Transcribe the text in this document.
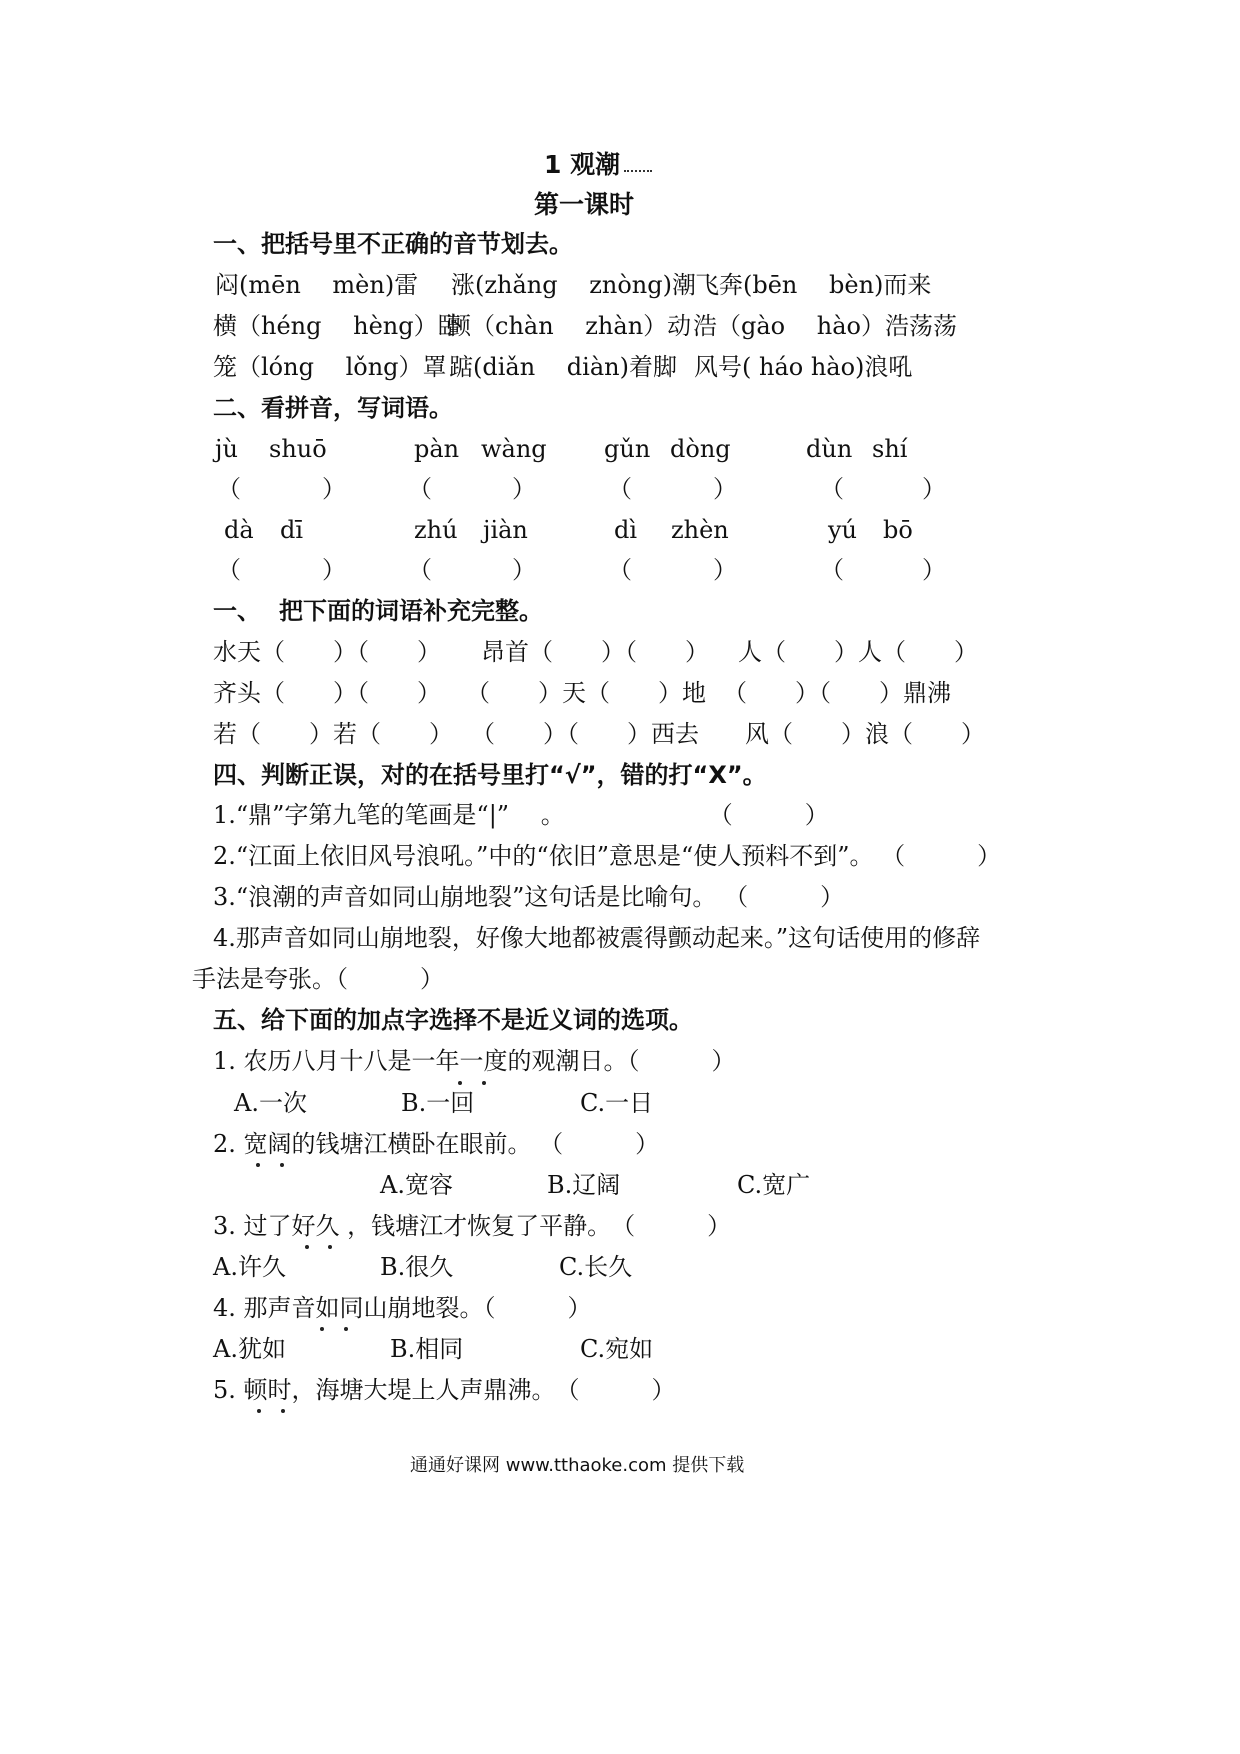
1 观潮
第一课时
一、把括号里不正确的音节划去。
闷(mēn　 mèn)雷 涨(zhǎng　 znòng)潮 飞奔(bēn　 bèn)而来
横（héng　 hèng）卧
颤（chàn　 zhàn）动 浩（gào　 hào）浩荡荡
笼（lóng　 lǒng）罩 踮(diǎn　 diàn)着脚 风号( háo hào)浪吼
二、看拼音，写词语。
jù shuō	pàn wàng gǔn dòng	dùn shí
（	）	（	）	（	）	（	）
dà dī	zhú jiàn	dì zhèn	yú bō
（	）	（	）	（	）	（	）
一、 把下面的词语补充完整。
水天（　　）（　　） 昂首（　　）（　　） 人（　　）人（　　）
齐头（　　）（　　） （　　）天（　　）地 （　　）（　　）鼎沸
若（　　）若（　　） （　　）（　　）西去 风（　　）浪（　　）
四、判断正误，对的在括号里打“√”，错的打“X”。
1.“鼎”字第九笔的笔画是“|”　 。　　　　　　　（　　　）
2.“江面上依旧风号浪吼。”中的“依旧”意思是“使人预料不到”。 （　　　）
3.“浪潮的声音如同山崩地裂”这句话是比喻句。 （　　　）
4.那声音如同山崩地裂，好像大地都被震得颤动起来。”这句话使用的修辞
手法是夸张。（　　　）
五、给下面的加点字选择不是近义词的选项。
1. 农历八月十八是一年一度的观潮日。（　　　）
A.一次	B.一回	C.一日
2. 宽阔的钱塘江横卧在眼前。 （　　　）
A.宽容	B.辽阔	C.宽广
3. 过了好久 ，钱塘江才恢复了平静。　（　　　）
A.许久	B.很久	C.长久
4. 那声音如同山崩地裂。（　　　）
A.犹如	B.相同	C.宛如
5. 顿时，海塘大堤上人声鼎沸。　（　　　）
通通好课网 www.tthaoke.com 提供下载
